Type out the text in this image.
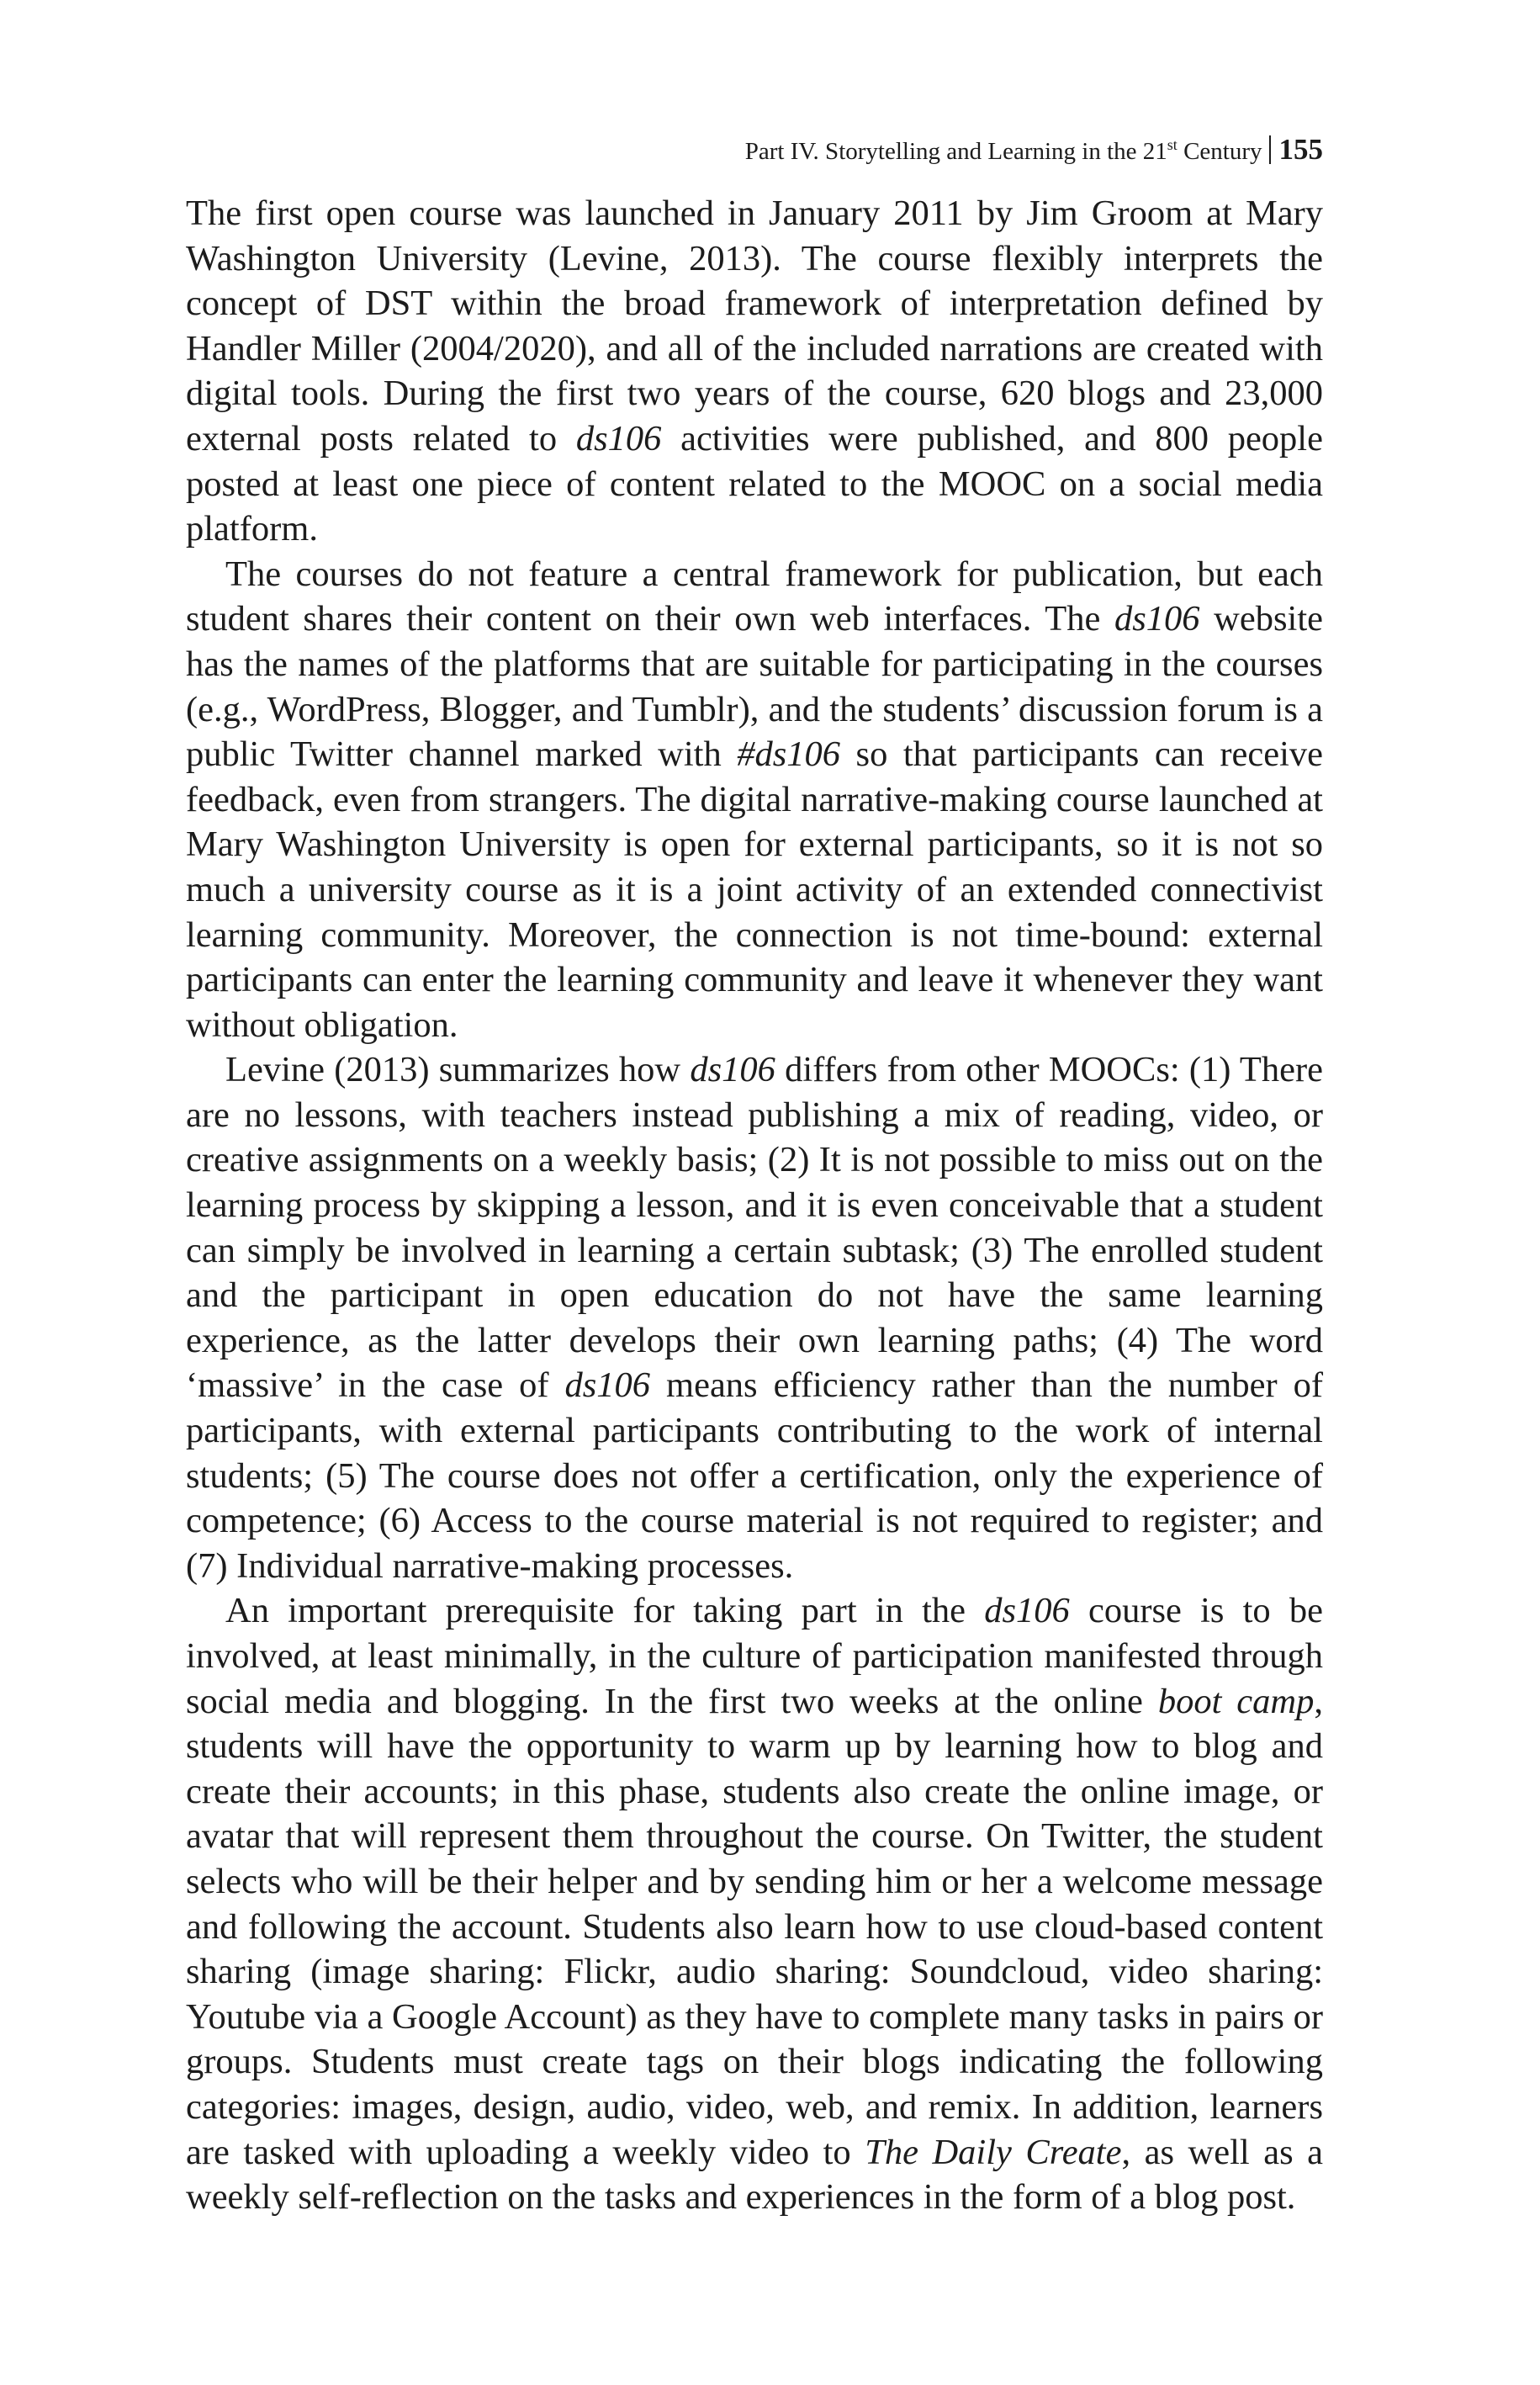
Part IV. Storytelling and Learning in the 21st Century 155

The first open course was launched in January 2011 by Jim Groom at Mary Washington University (Levine, 2013). The course flexibly interprets the concept of DST within the broad framework of interpretation defined by Handler Miller (2004/2020), and all of the included narrations are created with digital tools. During the first two years of the course, 620 blogs and 23,000 external posts related to ds106 activities were published, and 800 people posted at least one piece of content related to the MOOC on a social media platform.

The courses do not feature a central framework for publication, but each student shares their content on their own web interfaces. The ds106 website has the names of the platforms that are suitable for participating in the courses (e.g., WordPress, Blogger, and Tumblr), and the students’ discussion forum is a public Twitter channel marked with #ds106 so that participants can receive feedback, even from strangers. The digital narrative-making course launched at Mary Washington University is open for external participants, so it is not so much a university course as it is a joint activity of an extended connectivist learning community. Moreover, the connection is not time-bound: external participants can enter the learning community and leave it whenever they want without obligation.

Levine (2013) summarizes how ds106 differs from other MOOCs: (1) There are no lessons, with teachers instead publishing a mix of reading, video, or creative assignments on a weekly basis; (2) It is not possible to miss out on the learning process by skipping a lesson, and it is even conceivable that a student can simply be involved in learning a certain subtask; (3) The enrolled student and the participant in open education do not have the same learning experience, as the latter develops their own learning paths; (4) The word ‘massive’ in the case of ds106 means efficiency rather than the number of participants, with external participants contributing to the work of internal students; (5) The course does not offer a certification, only the experience of competence; (6) Access to the course material is not required to register; and (7) Individual narrative-making processes.

An important prerequisite for taking part in the ds106 course is to be involved, at least minimally, in the culture of participation manifested through social media and blogging. In the first two weeks at the online boot camp, students will have the opportunity to warm up by learning how to blog and create their accounts; in this phase, students also create the online image, or avatar that will represent them throughout the course. On Twitter, the student selects who will be their helper and by sending him or her a welcome message and following the account. Students also learn how to use cloud-based content sharing (image sharing: Flickr, audio sharing: Soundcloud, video sharing: Youtube via a Google Account) as they have to complete many tasks in pairs or groups. Students must create tags on their blogs indicating the following categories: images, design, audio, video, web, and remix. In addition, learners are tasked with uploading a weekly video to The Daily Create, as well as a weekly self-reflection on the tasks and experiences in the form of a blog post.
